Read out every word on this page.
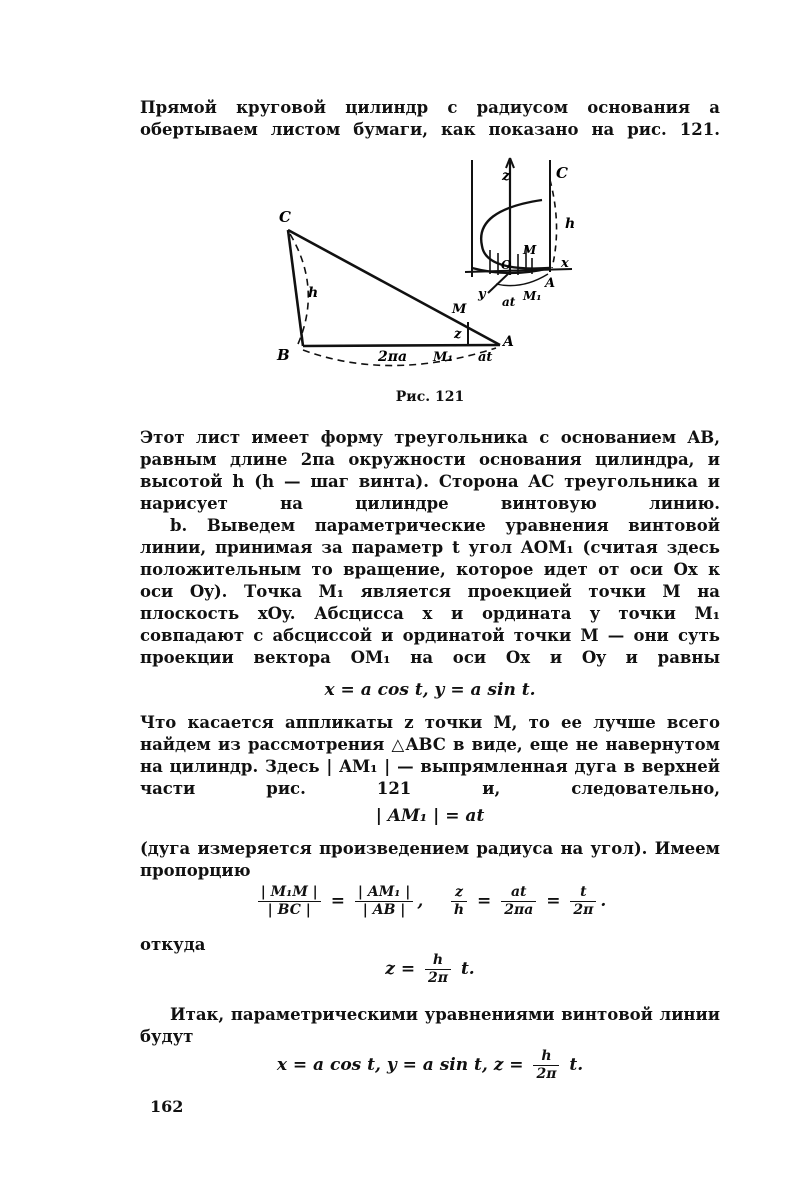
Прямой круговой цилиндр с радиусом основания a обертываем листом бумаги, как показано на рис. 121.

C
B
A
M
z
h
2πa M₁ at
z	C
h
M
O	x
y
A
M₁
at
Рис. 121

Этот лист имеет форму треугольника с основанием AB, равным длине 2πa окружности основания цилиндра, и высотой h (h — шаг винта). Сторона AC треугольника и нарисует на цилиндре винтовую линию.

b. Выведем параметрические уравнения винтовой линии, принимая за параметр t угол AOM₁ (считая здесь положительным то вращение, которое идет от оси Ox к оси Oy). Точка M₁ является проекцией точки M на плоскость xOy. Абсцисса x и ордината y точки M₁ совпадают с абсциссой и ординатой точки M — они суть проекции вектора OM₁ на оси Ox и Oy и равны

x = a cos t, y = a sin t.

Что касается аппликаты z точки M, то ее лучше всего найдем из рассмотрения △ABC в виде, еще не навернутом на цилиндр. Здесь | AM₁ | — выпрямленная дуга в верхней части рис. 121 и, следовательно,

| AM₁ | = at

(дуга измеряется произведением радиуса на угол). Имеем пропорцию

$\frac{\text{| M₁M |}}{| BC |} = \frac{\text{| AM₁ |}}{| AB |}$ , $\frac{z}{h} = \frac{at}{2\pi a} = \frac{t}{2\pi}$ .

откуда

$z = \frac{h}{2\pi} t$.

Итак, параметрическими уравнениями винтовой линии будут

x = a cos t, y = a sin t, $z = \frac{h}{2\pi} t$.
162
